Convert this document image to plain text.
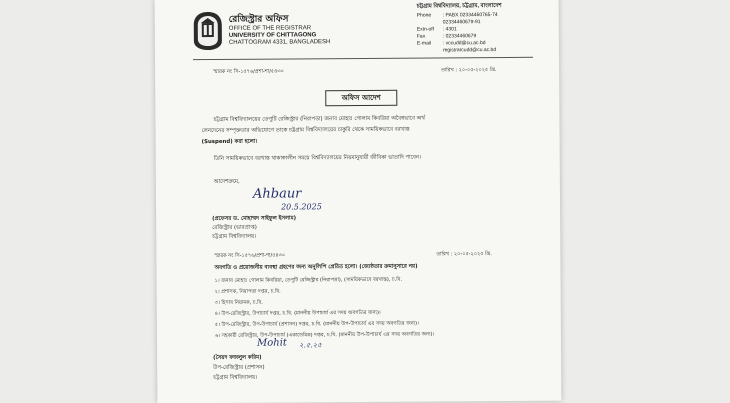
রেজিস্ট্রার অফিস
OFFICE OF THE REGISTRAR
UNIVERSITY OF CHITTAGONG
CHATTOGRAM 4331, BANGLADESH
চট্টগ্রাম বিশ্ববিদ্যালয়, চট্টগ্রাম, বাংলাদেশ
Phone : PABX 02334460765-74
02334460679-91
Extn-off : 4301
Fax	: 02334460679
E-mail : vccudd@cu.ac.bd
registrarcudd@cu.ac.bd
স্মারক নং সি-১৫৭৬/প্রশা-শা/৫৪৩০	তারিখ : ২০-০৫-২০২৫ খ্রি.
অফিস আদেশ
চট্টগ্রাম বিশ্ববিদ্যালয়ের ডেপুটি রেজিস্ট্রার (নিরাপত্তা) জনাব মোহাঃ গোলাম কিবরিয়া অবৈধভাবে অর্থ
লেনদেনের সম্পৃক্ততার অভিযোগে তাকে চট্টগ্রাম বিশ্ববিদ্যালয়ের চাকুরি থেকে সাময়িকভাবে বরখাস্ত
(Suspend) করা হলো।
তিনি সাময়িকভাবে বরখাস্ত থাকাকালীন সময়ে বিশ্ববিদ্যালয়ের নিয়মানুযায়ী জীবিকা ভাতাদি পাবেন।
আদেশক্রমে,
Ahbaur
20.5.2025
(প্রফেসর ড. মোহাম্মদ সাইফুল ইসলাম)
রেজিস্ট্রার (ভারপ্রাপ্ত)
চট্টগ্রাম বিশ্ববিদ্যালয়।
স্মারক নং সি-১৫৭৬/প্রশা-শা/৫৪৩০	তারিখ : ২০-০৫-২০২৫ খ্রি.
অবগতি ও প্রয়োজনীয় ব্যবস্থা গ্রহণের জন্য অনুলিপি প্রেরিত হলো। (জ্যেষ্ঠতার ক্রমানুসারে নয়)
১। জনাব মোহাঃ গোলাম কিবরিয়া, ডেপুটি রেজিস্ট্রার (নিরাপত্তা), (সাময়িকভাবে বরখাস্ত), চ.বি.
২। প্রশাসক, নিরাপত্তা দপ্তর, চ.বি.
৩। হিসাব নিয়ামক, চ.বি.
৪। উপ-রেজিস্ট্রার, উপাচার্য দপ্তর, চ.বি. (মাননীয় উপাচার্য এর সদয় অবগতির জন্য)।
৫। উপ-রেজিস্ট্রার, উপ-উপাচার্য (প্রশাসন) দপ্তর, চ.বি. (মাননীয় উপ-উপাচার্য এর সদয় অবগতির জন্য)।
৬। সহকারী রেজিস্ট্রার, উপ-উপাচার্য (একাডেমিক) দপ্তর, চ.বি. (মাননীয় উপ-উপাচার্য এর সদয় অবগতির জন্য)।
Mohit ২.৫.২৫
(সৈয়দ ফজলুল করিম)
উপ-রেজিস্ট্রার (প্রশাসন)
চট্টগ্রাম বিশ্ববিদ্যালয়।
